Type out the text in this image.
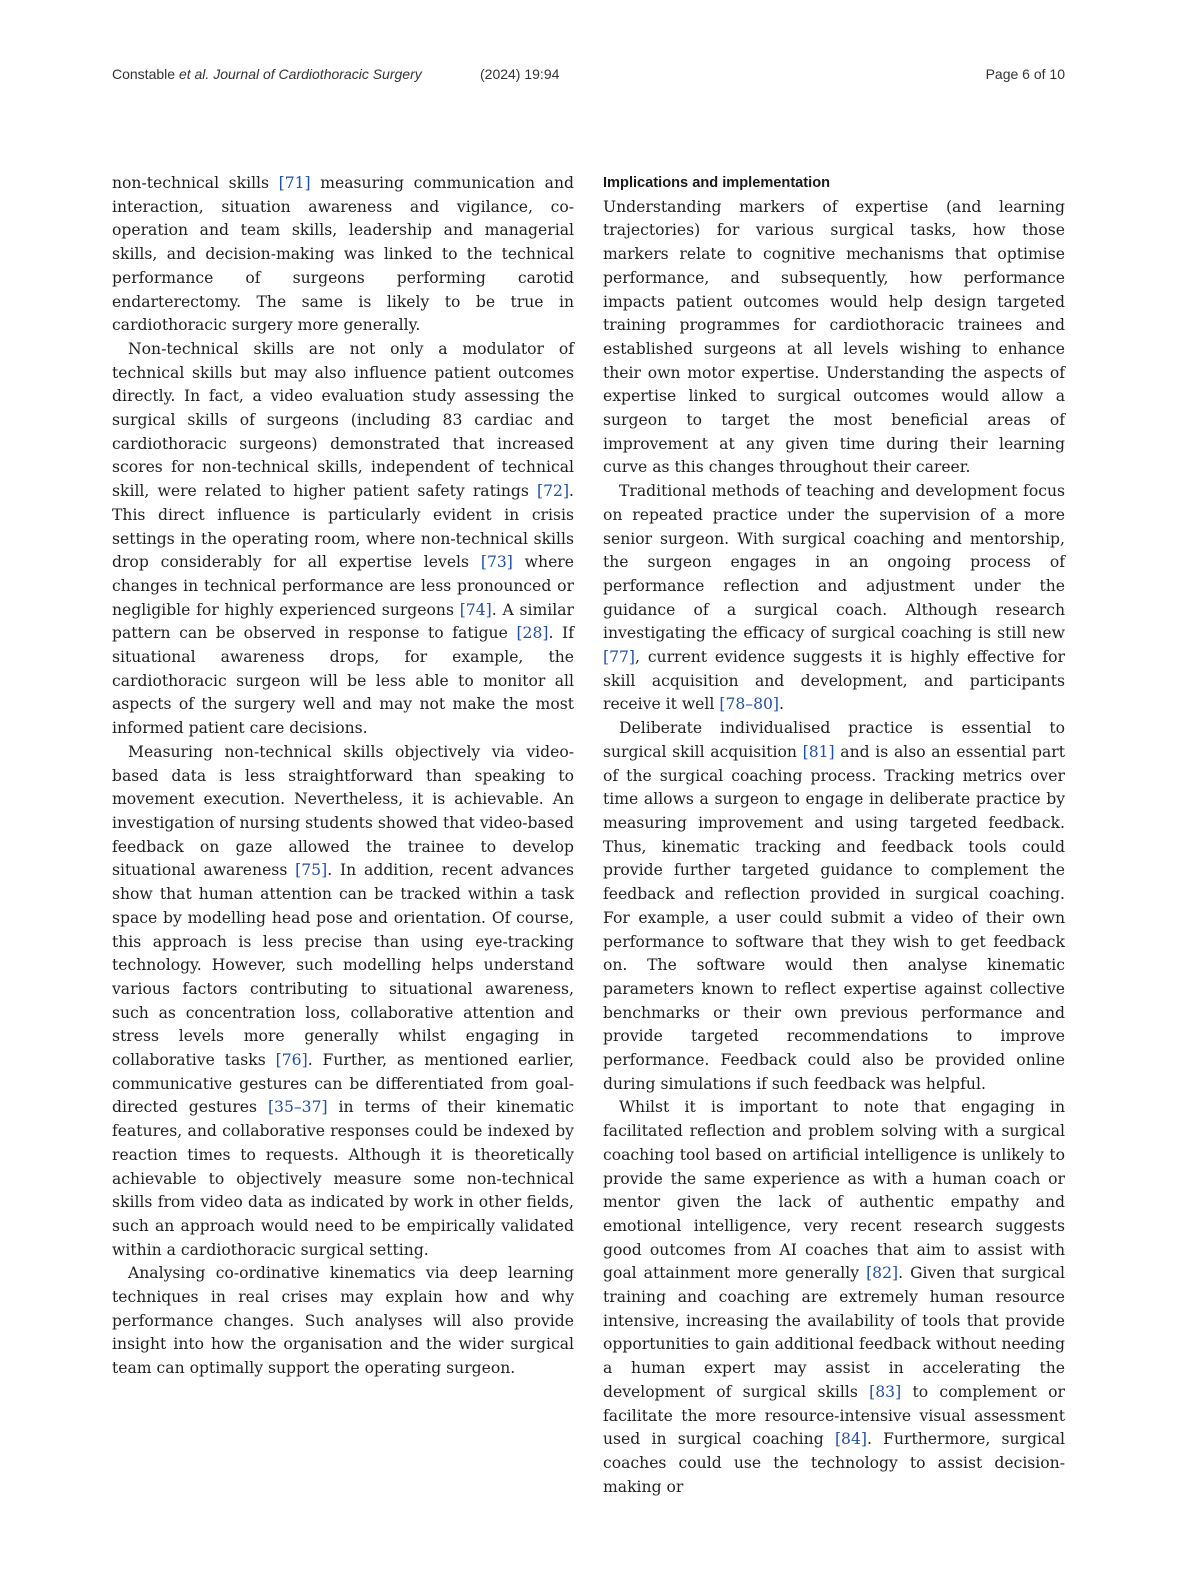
Constable et al. Journal of Cardiothoracic Surgery	(2024) 19:94	Page 6 of 10

non-technical skills [71] measuring communication and interaction, situation awareness and vigilance, co-operation and team skills, leadership and managerial skills, and decision-making was linked to the technical performance of surgeons performing carotid endarterectomy. The same is likely to be true in cardiothoracic surgery more generally.

Non-technical skills are not only a modulator of technical skills but may also influence patient outcomes directly. In fact, a video evaluation study assessing the surgical skills of surgeons (including 83 cardiac and cardiothoracic surgeons) demonstrated that increased scores for non-technical skills, independent of technical skill, were related to higher patient safety ratings [72]. This direct influence is particularly evident in crisis settings in the operating room, where non-technical skills drop considerably for all expertise levels [73] where changes in technical performance are less pronounced or negligible for highly experienced surgeons [74]. A similar pattern can be observed in response to fatigue [28]. If situational awareness drops, for example, the cardiothoracic surgeon will be less able to monitor all aspects of the surgery well and may not make the most informed patient care decisions.

Measuring non-technical skills objectively via video-based data is less straightforward than speaking to movement execution. Nevertheless, it is achievable. An investigation of nursing students showed that video-based feedback on gaze allowed the trainee to develop situational awareness [75]. In addition, recent advances show that human attention can be tracked within a task space by modelling head pose and orientation. Of course, this approach is less precise than using eye-tracking technology. However, such modelling helps understand various factors contributing to situational awareness, such as concentration loss, collaborative attention and stress levels more generally whilst engaging in collaborative tasks [76]. Further, as mentioned earlier, communicative gestures can be differentiated from goal-directed gestures [35–37] in terms of their kinematic features, and collaborative responses could be indexed by reaction times to requests. Although it is theoretically achievable to objectively measure some non-technical skills from video data as indicated by work in other fields, such an approach would need to be empirically validated within a cardiothoracic surgical setting.

Analysing co-ordinative kinematics via deep learning techniques in real crises may explain how and why performance changes. Such analyses will also provide insight into how the organisation and the wider surgical team can optimally support the operating surgeon.

Implications and implementation

Understanding markers of expertise (and learning trajectories) for various surgical tasks, how those markers relate to cognitive mechanisms that optimise performance, and subsequently, how performance impacts patient outcomes would help design targeted training programmes for cardiothoracic trainees and established surgeons at all levels wishing to enhance their own motor expertise. Understanding the aspects of expertise linked to surgical outcomes would allow a surgeon to target the most beneficial areas of improvement at any given time during their learning curve as this changes throughout their career.

Traditional methods of teaching and development focus on repeated practice under the supervision of a more senior surgeon. With surgical coaching and mentorship, the surgeon engages in an ongoing process of performance reflection and adjustment under the guidance of a surgical coach. Although research investigating the efficacy of surgical coaching is still new [77], current evidence suggests it is highly effective for skill acquisition and development, and participants receive it well [78–80].

Deliberate individualised practice is essential to surgical skill acquisition [81] and is also an essential part of the surgical coaching process. Tracking metrics over time allows a surgeon to engage in deliberate practice by measuring improvement and using targeted feedback. Thus, kinematic tracking and feedback tools could provide further targeted guidance to complement the feedback and reflection provided in surgical coaching. For example, a user could submit a video of their own performance to software that they wish to get feedback on. The software would then analyse kinematic parameters known to reflect expertise against collective benchmarks or their own previous performance and provide targeted recommendations to improve performance. Feedback could also be provided online during simulations if such feedback was helpful.

Whilst it is important to note that engaging in facilitated reflection and problem solving with a surgical coaching tool based on artificial intelligence is unlikely to provide the same experience as with a human coach or mentor given the lack of authentic empathy and emotional intelligence, very recent research suggests good outcomes from AI coaches that aim to assist with goal attainment more generally [82]. Given that surgical training and coaching are extremely human resource intensive, increasing the availability of tools that provide opportunities to gain additional feedback without needing a human expert may assist in accelerating the development of surgical skills [83] to complement or facilitate the more resource-intensive visual assessment used in surgical coaching [84]. Furthermore, surgical coaches could use the technology to assist decision-making or
